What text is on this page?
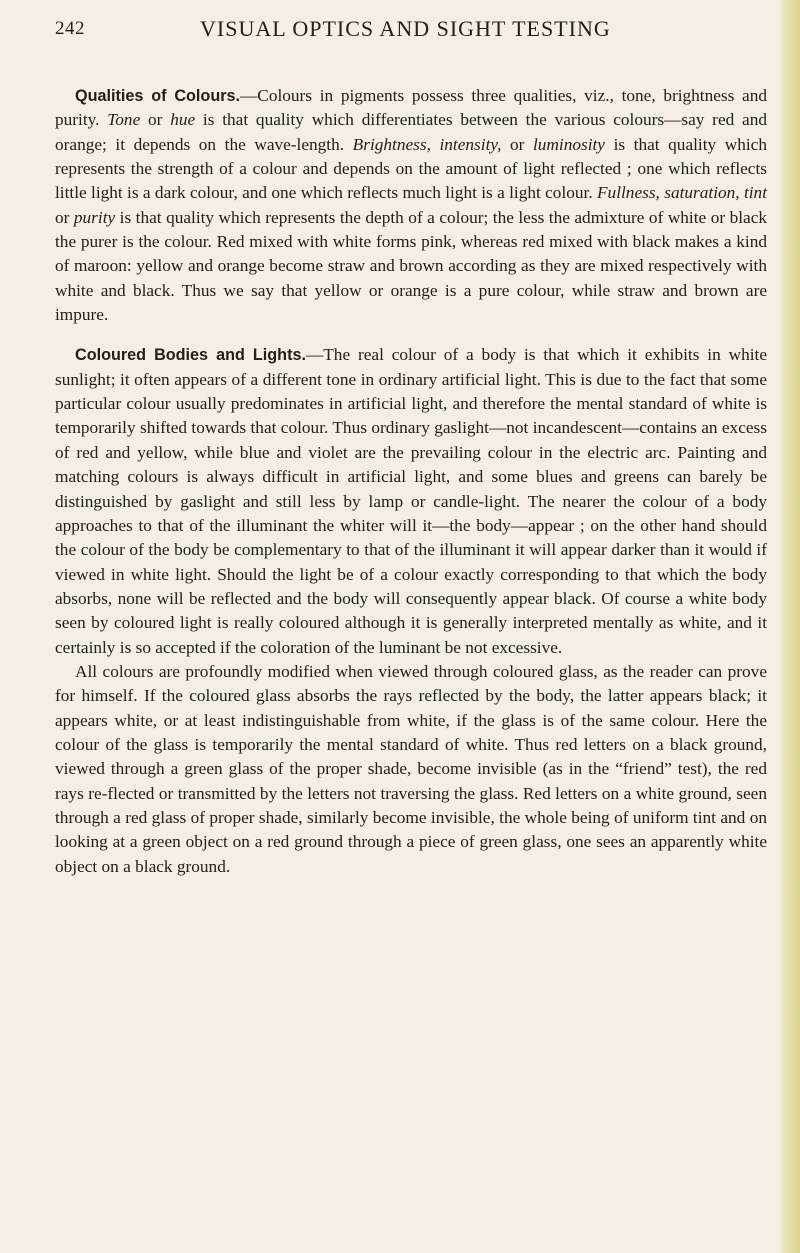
242	VISUAL OPTICS AND SIGHT TESTING

Qualities of Colours.—Colours in pigments possess three qualities, viz., tone, brightness and purity. Tone or hue is that quality which differentiates between the various colours—say red and orange; it depends on the wave-length. Brightness, intensity, or luminosity is that quality which represents the strength of a colour and depends on the amount of light reflected ; one which reflects little light is a dark colour, and one which reflects much light is a light colour. Fullness, saturation, tint or purity is that quality which represents the depth of a colour; the less the admixture of white or black the purer is the colour. Red mixed with white forms pink, whereas red mixed with black makes a kind of maroon: yellow and orange become straw and brown according as they are mixed respectively with white and black. Thus we say that yellow or orange is a pure colour, while straw and brown are impure.

Coloured Bodies and Lights.—The real colour of a body is that which it exhibits in white sunlight; it often appears of a different tone in ordinary artificial light. This is due to the fact that some particular colour usually predominates in artificial light, and therefore the mental standard of white is temporarily shifted towards that colour. Thus ordinary gaslight—not incandescent—contains an excess of red and yellow, while blue and violet are the prevailing colour in the electric arc. Painting and matching colours is always difficult in artificial light, and some blues and greens can barely be distinguished by gaslight and still less by lamp or candle-light. The nearer the colour of a body approaches to that of the illuminant the whiter will it—the body—appear ; on the other hand should the colour of the body be complementary to that of the illuminant it will appear darker than it would if viewed in white light. Should the light be of a colour exactly corresponding to that which the body absorbs, none will be reflected and the body will consequently appear black. Of course a white body seen by coloured light is really coloured although it is generally interpreted mentally as white, and it certainly is so accepted if the coloration of the luminant be not excessive.

All colours are profoundly modified when viewed through coloured glass, as the reader can prove for himself. If the coloured glass absorbs the rays reflected by the body, the latter appears black; it appears white, or at least indistinguishable from white, if the glass is of the same colour. Here the colour of the glass is temporarily the mental standard of white. Thus red letters on a black ground, viewed through a green glass of the proper shade, become invisible (as in the “friend” test), the red rays re-flected or transmitted by the letters not traversing the glass. Red letters on a white ground, seen through a red glass of proper shade, similarly become invisible, the whole being of uniform tint and on looking at a green object on a red ground through a piece of green glass, one sees an apparently white object on a black ground.
